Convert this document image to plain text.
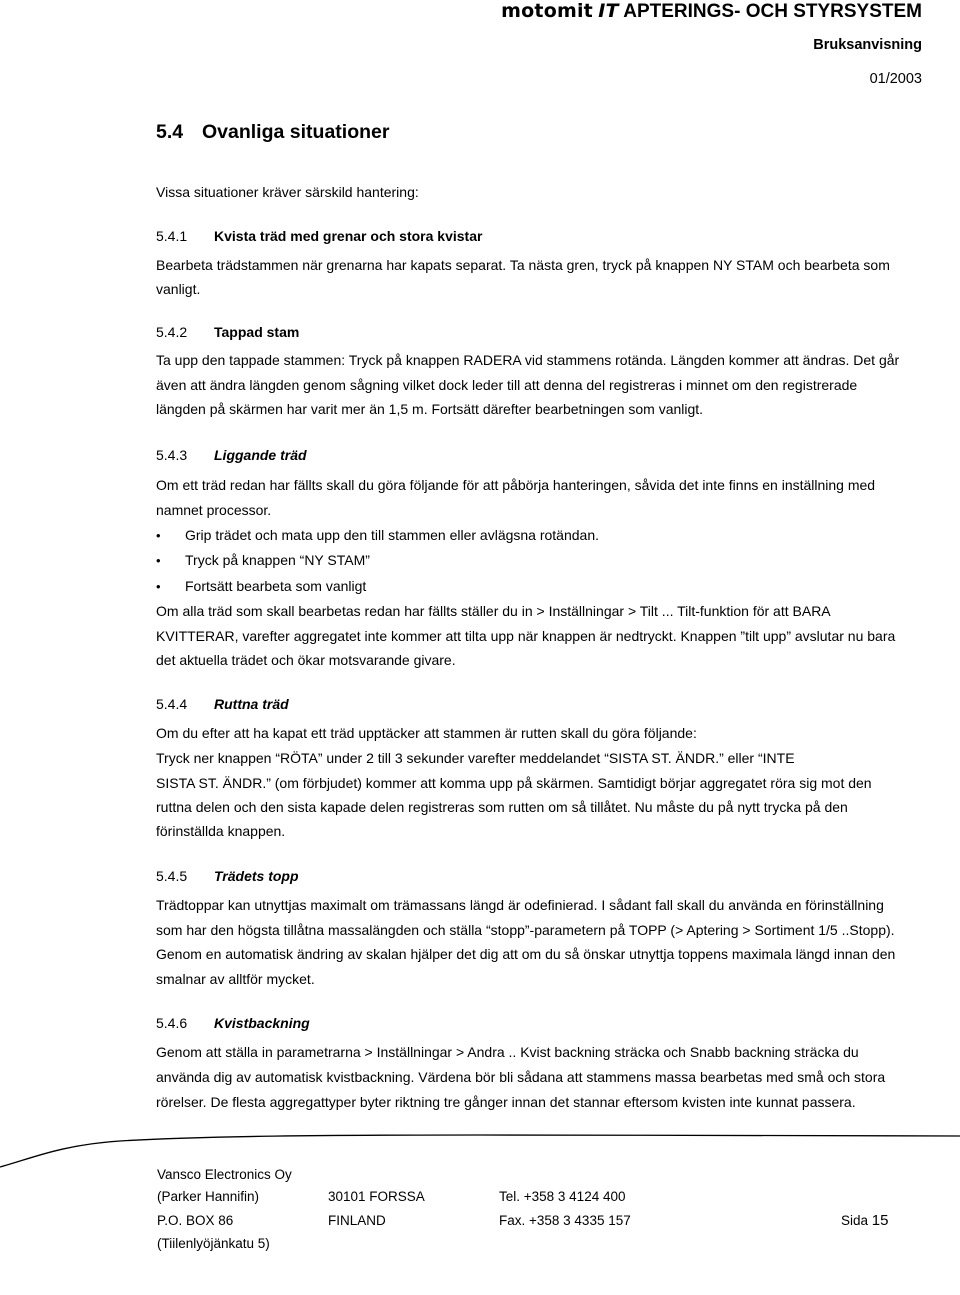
motomit IT APTERINGS- OCH STYRSYSTEM
Bruksanvisning
01/2003
5.4 Ovanliga situationer
Vissa situationer kräver särskild hantering:
5.4.1 Kvista träd med grenar och stora kvistar
Bearbeta trädstammen när grenarna har kapats separat. Ta nästa gren, tryck på knappen NY STAM och bearbeta som
vanligt.
5.4.2 Tappad stam
Ta upp den tappade stammen: Tryck på knappen RADERA vid stammens rotända. Längden kommer att ändras. Det går
även att ändra längden genom sågning vilket dock leder till att denna del registreras i minnet om den registrerade
längden på skärmen har varit mer än 1,5 m. Fortsätt därefter bearbetningen som vanligt.
5.4.3 Liggande träd
Om ett träd redan har fällts skall du göra följande för att påbörja hanteringen, såvida det inte finns en inställning med
namnet processor.
• Grip trädet och mata upp den till stammen eller avlägsna rotändan.
• Tryck på knappen “NY STAM”
• Fortsätt bearbeta som vanligt
Om alla träd som skall bearbetas redan har fällts ställer du in > Inställningar > Tilt ... Tilt-funktion för att BARA
KVITTERAR, varefter aggregatet inte kommer att tilta upp när knappen är nedtryckt. Knappen ”tilt upp” avslutar nu bara
det aktuella trädet och ökar motsvarande givare.
5.4.4 Ruttna träd
Om du efter att ha kapat ett träd upptäcker att stammen är rutten skall du göra följande:
Tryck ner knappen “RÖTA” under 2 till 3 sekunder varefter meddelandet “SISTA ST. ÄNDR.” eller “INTE
SISTA ST. ÄNDR.” (om förbjudet) kommer att komma upp på skärmen. Samtidigt börjar aggregatet röra sig mot den
ruttna delen och den sista kapade delen registreras som rutten om så tillåtet. Nu måste du på nytt trycka på den
förinställda knappen.
5.4.5 Trädets topp
Trädtoppar kan utnyttjas maximalt om trämassans längd är odefinierad. I sådant fall skall du använda en förinställning
som har den högsta tillåtna massalängden och ställa “stopp”-parametern på TOPP (> Aptering > Sortiment 1/5 ..Stopp).
Genom en automatisk ändring av skalan hjälper det dig att om du så önskar utnyttja toppens maximala längd innan den
smalnar av alltför mycket.
5.4.6 Kvistbackning
Genom att ställa in parametrarna > Inställningar > Andra .. Kvist backning sträcka och Snabb backning sträcka du
använda dig av automatisk kvistbackning. Värdena bör bli sådana att stammens massa bearbetas med små och stora
rörelser. De flesta aggregattyper byter riktning tre gånger innan det stannar eftersom kvisten inte kunnat passera.
Vansco Electronics Oy
(Parker Hannifin)	30101 FORSSA	Tel. +358 3 4124 400
P.O. BOX 86	FINLAND	Fax. +358 3 4335 157	Sida 15
(Tiilenlyöjänkatu 5)
